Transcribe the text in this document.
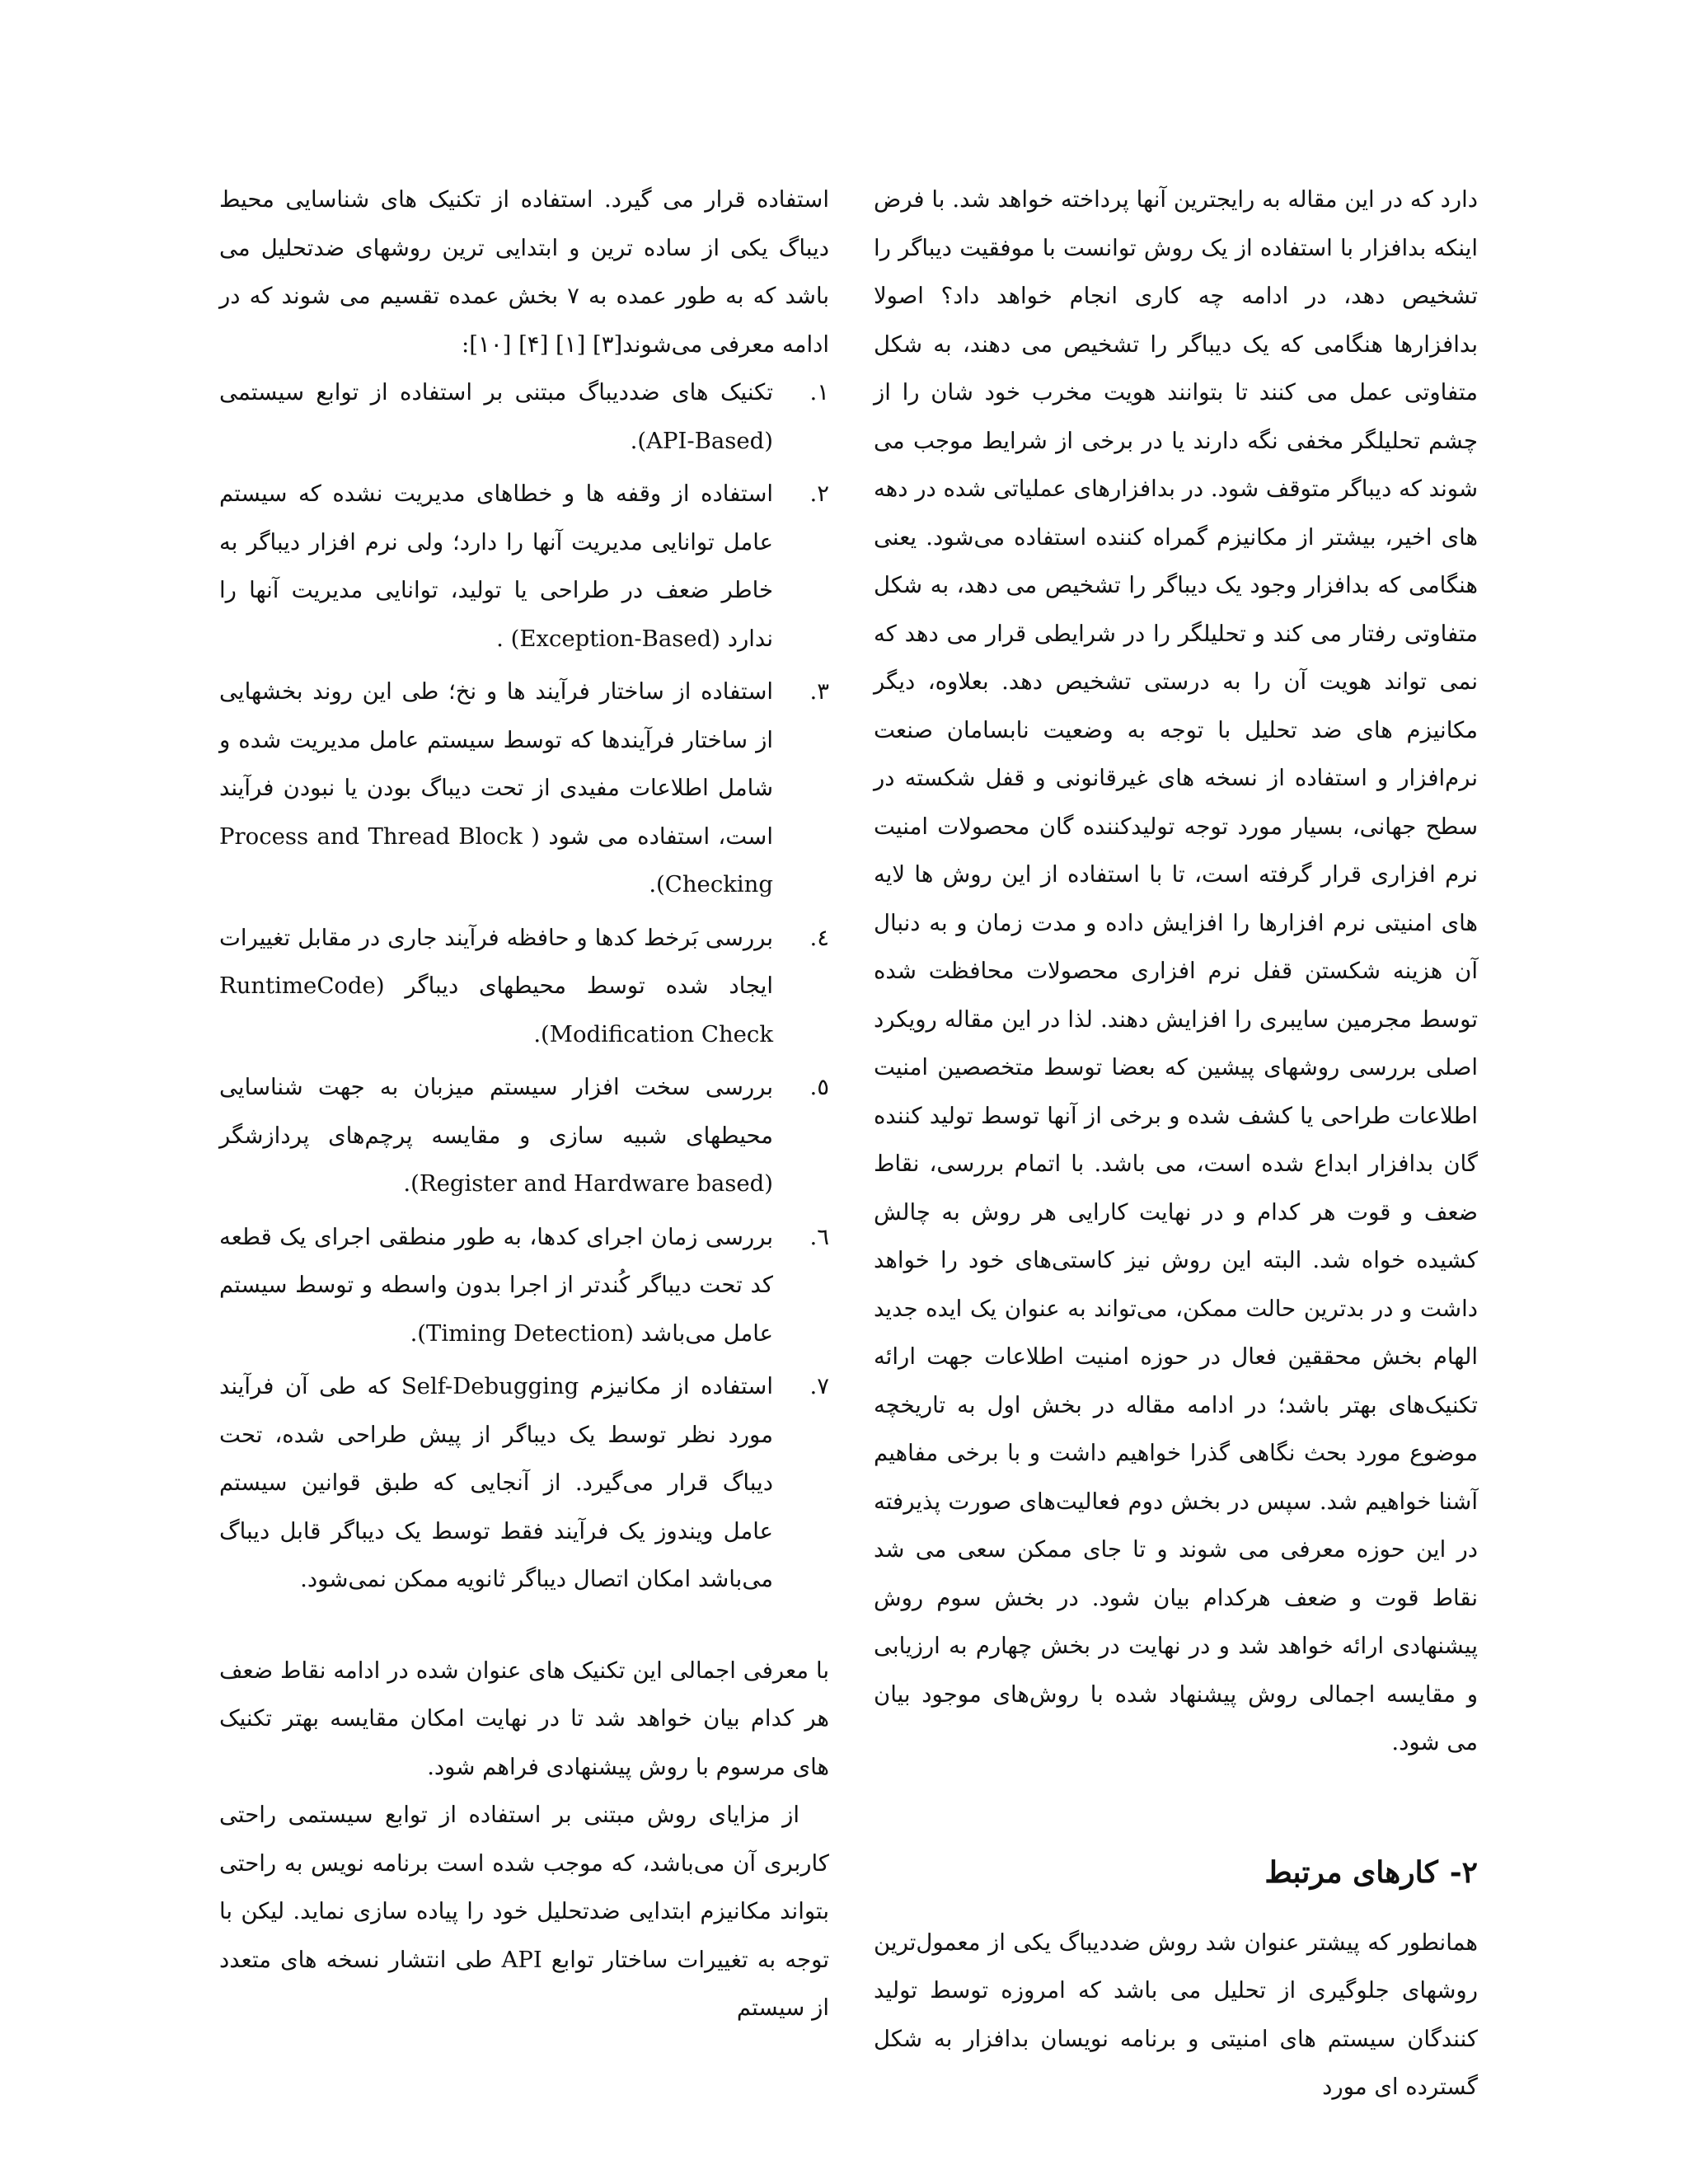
دارد که در این مقاله به رایجترین آنها پرداخته خواهد شد. با فرض اینکه بدافزار با استفاده از یک روش توانست با موفقیت دیباگر را تشخیص دهد، در ادامه چه کاری انجام خواهد داد؟ اصولا بدافزارها هنگامی که یک دیباگر را تشخیص می دهند، به شکل متفاوتی عمل می کنند تا بتوانند هویت مخرب خود شان را از چشم تحلیلگر مخفی نگه دارند یا در برخی از شرایط موجب می شوند که دیباگر متوقف شود. در بدافزارهای عملیاتی شده در دهه های اخیر، بیشتر از مکانیزم گمراه کننده استفاده می‌شود. یعنی هنگامی که بدافزار وجود یک دیباگر را تشخیص می دهد، به شکل متفاوتی رفتار می کند و تحلیلگر را در شرایطی قرار می دهد که نمی تواند هویت آن را به درستی تشخیص دهد. بعلاوه، دیگر مکانیزم های ضد تحلیل با توجه به وضعیت نابسامان صنعت نرم‌افزار و استفاده از نسخه های غیرقانونی و قفل شکسته در سطح جهانی، بسیار مورد توجه تولیدکننده گان محصولات امنیت نرم افزاری قرار گرفته است، تا با استفاده از این روش ها لایه های امنیتی نرم افزارها را افزایش داده و مدت زمان و به دنبال آن هزینه شکستن قفل نرم افزاری محصولات محافظت شده توسط مجرمین سایبری را افزایش دهند. لذا در این مقاله رویکرد اصلی بررسی روشهای پیشین که بعضا توسط متخصصین امنیت اطلاعات طراحی یا کشف شده و برخی از آنها توسط تولید کننده گان بدافزار ابداع شده است، می باشد. با اتمام بررسی، نقاط ضعف و قوت هر کدام و در نهایت کارایی هر روش به چالش کشیده خواه شد. البته این روش نیز کاستی‌های خود را خواهد داشت و در بدترین حالت ممکن، می‌تواند به عنوان یک ایده جدید الهام بخش محققین فعال در حوزه امنیت اطلاعات جهت ارائه تکنیک‌های بهتر باشد؛ در ادامه مقاله در بخش اول به تاریخچه موضوع مورد بحث نگاهی گذرا خواهیم داشت و با برخی مفاهیم آشنا خواهیم شد. سپس در بخش دوم فعالیت‌های صورت پذیرفته در این حوزه معرفی می شوند و تا جای ممکن سعی می شد نقاط قوت و ضعف هرکدام بیان شود. در بخش سوم روش پیشنهادی ارائه خواهد شد و در نهایت در بخش چهارم به ارزیابی و مقایسه اجمالی روش پیشنهاد شده با روش‌های موجود بیان می شود.

۲-
کارهای مرتبط

همانطور که پیشتر عنوان شد روش ضددیباگ یکی از معمول‌ترین روشهای جلوگیری از تحلیل می باشد که امروزه توسط تولید کنندگان سیستم های امنیتی و برنامه نویسان بدافزار به شکل گسترده ای مورد

استفاده قرار می گیرد. استفاده از تکنیک های شناسایی محیط دیباگ یکی از ساده ترین و ابتدایی ترین روشهای ضدتحلیل می باشد که به طور عمده به ۷ بخش عمده تقسیم می شوند که در ادامه معرفی می‌شوند[۳] [۱] [۴] [۱۰]:

۱.
تکنیک های ضددیباگ مبتنی بر استفاده از توابع سیستمی (API-Based).
۲.
استفاده از وقفه ها و خطاهای مدیریت نشده که سیستم عامل توانایی مدیریت آنها را دارد؛ ولی نرم افزار دیباگر به خاطر ضعف در طراحی یا تولید، توانایی مدیریت آنها را ندارد (Exception-Based) .
۳.
استفاده از ساختار فرآیند ها و نخ؛ طی این روند بخشهایی از ساختار فرآیندها که توسط سیستم عامل مدیریت شده و شامل اطلاعات مفیدی از تحت دیباگ بودن یا نبودن فرآیند است، استفاده می شود ( Process and Thread Block Checking).
٤.
بررسی بَرخط کدها و حافظه فرآیند جاری در مقابل تغییرات ایجاد شده توسط محیطهای دیباگر (RuntimeCode Modification Check).
٥.
بررسی سخت افزار سیستم میزبان به جهت شناسایی محیطهای شبیه سازی و مقایسه پرچم‌های پردازشگر (Register and Hardware based).
٦.
بررسی زمان اجرای کدها، به طور منطقی اجرای یک قطعه کد تحت دیباگر کُندتر از اجرا بدون واسطه و توسط سیستم عامل می‌باشد (Timing Detection).
۷.
استفاده از مکانیزم Self-Debugging که طی آن فرآیند مورد نظر توسط یک دیباگر از پیش طراحی شده، تحت دیباگ قرار می‌گیرد. از آنجایی که طبق قوانین سیستم عامل ویندوز یک فرآیند فقط توسط یک دیباگر قابل دیباگ می‌باشد امکان اتصال دیباگر ثانویه ممکن نمی‌شود.

با معرفی اجمالی این تکنیک های عنوان شده در ادامه نقاط ضعف هر کدام بیان خواهد شد تا در نهایت امکان مقایسه بهتر تکنیک های مرسوم با روش پیشنهادی فراهم شود.

از مزایای روش مبتنی بر استفاده از توابع سیستمی راحتی کاربری آن می‌باشد، که موجب شده است برنامه نویس به راحتی بتواند مکانیزم ابتدایی ضدتحلیل خود را پیاده سازی نماید. لیکن با توجه به تغییرات ساختار توابع API طی انتشار نسخه های متعدد از سیستم
